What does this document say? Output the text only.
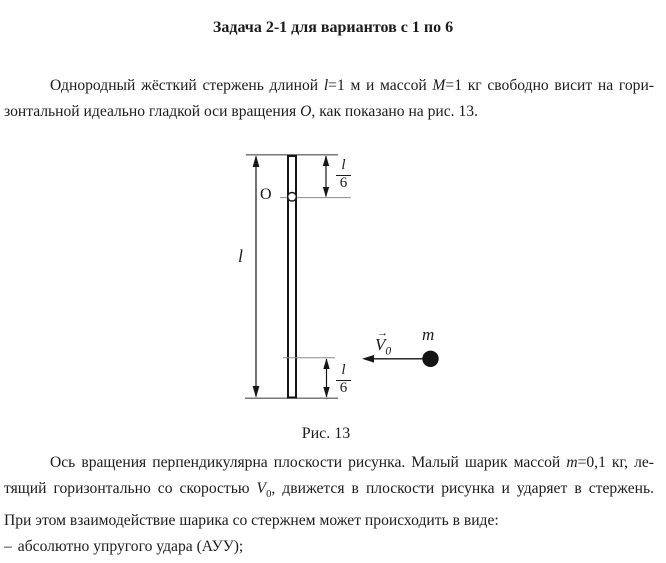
Задача 2-1 для вариантов с 1 по 6
Однородный жёсткий стержень длиной l=1 м и массой M=1 кг свободно висит на гори-
зонтальной идеально гладкой оси вращения O, как показано на рис. 13.
O
l
$\frac{l}{6}$
$\frac{l}{6}$
→
$V_0$
m
Рис. 13
Ось вращения перпендикулярна плоскости рисунка. Малый шарик массой m=0,1 кг, ле-
тящий горизонтально со скоростью $V_0$, движется в плоскости рисунка и ударяет в стержень.
При этом взаимодействие шарика со стержнем может происходить в виде:
– абсолютно упругого удара (АУУ);
